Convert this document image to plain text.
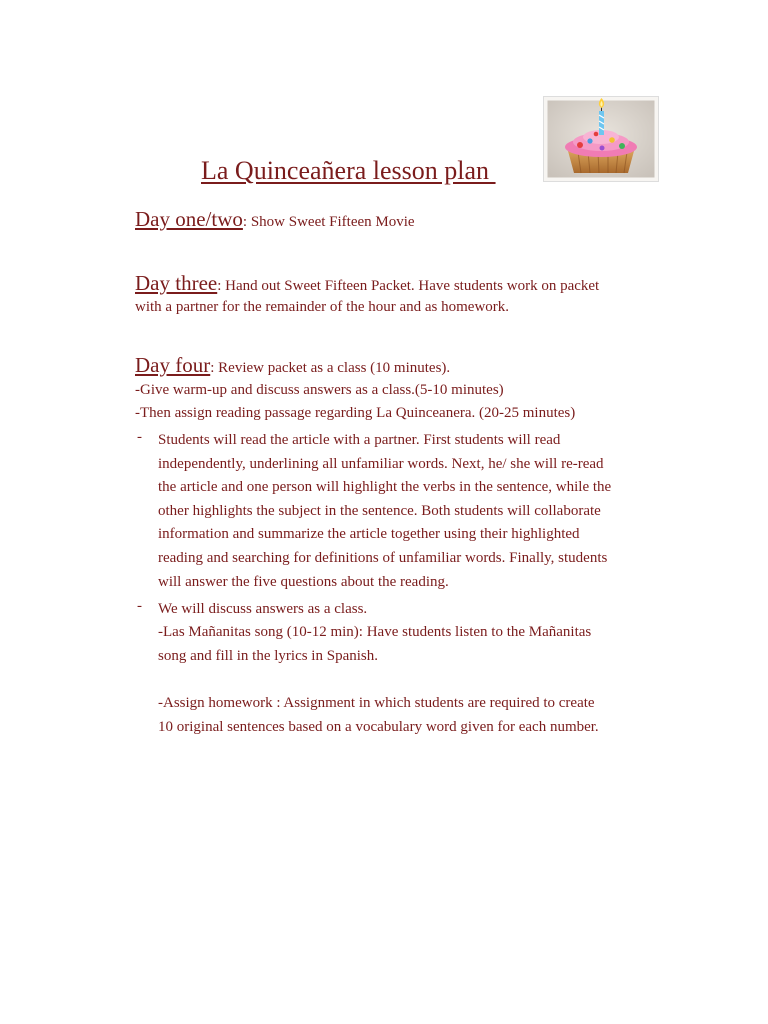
La Quinceañera lesson plan
Day one/two: Show Sweet Fifteen Movie
Day three: Hand out Sweet Fifteen Packet. Have students work on packet
with a partner for the remainder of the hour and as homework.
Day four: Review packet as a class (10 minutes).
-Give warm-up and discuss answers as a class.(5-10 minutes)
-Then assign reading passage regarding La Quinceanera. (20-25 minutes)
- Students will read the article with a partner. First students will read
independently, underlining all unfamiliar words. Next, he/ she will re-read
the article and one person will highlight the verbs in the sentence, while the
other highlights the subject in the sentence. Both students will collaborate
information and summarize the article together using their highlighted
reading and searching for definitions of unfamiliar words. Finally, students
will answer the five questions about the reading.
- We will discuss answers as a class.
-Las Mañanitas song (10-12 min): Have students listen to the Mañanitas
song and fill in the lyrics in Spanish.
-Assign homework : Assignment in which students are required to create
10 original sentences based on a vocabulary word given for each number.
